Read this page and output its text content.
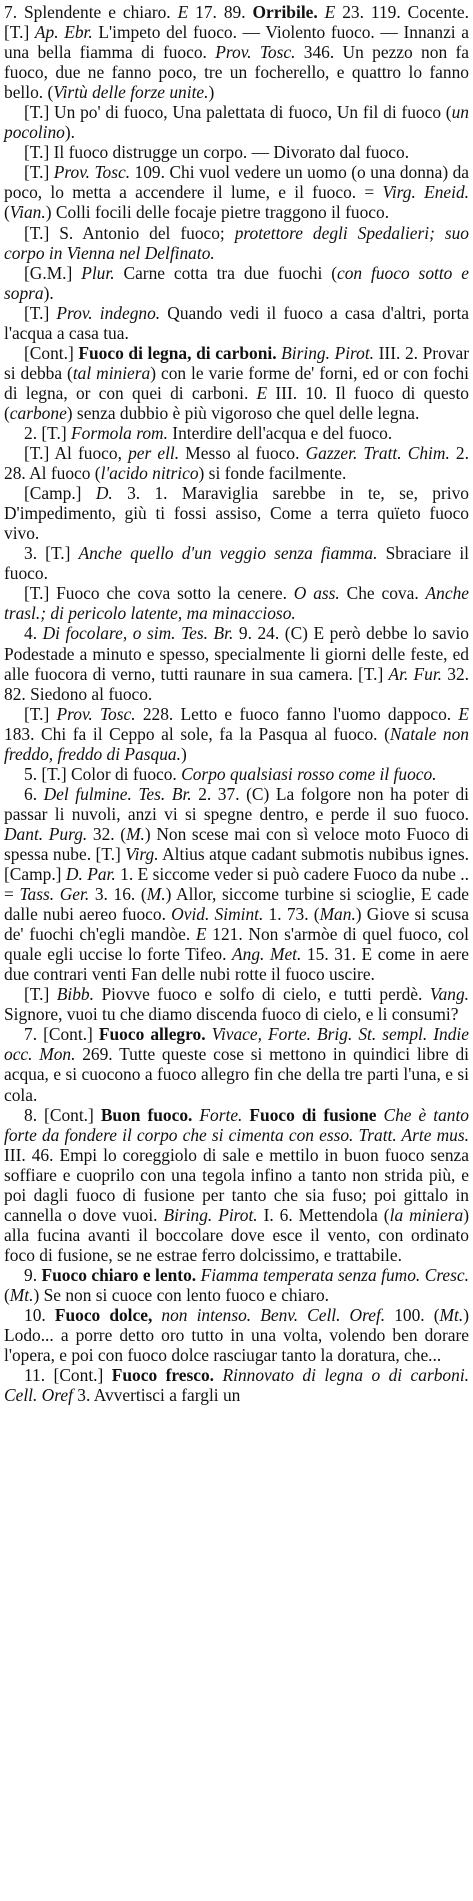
7. Splendente e chiaro. E 17. 89. Orribile. E 23. 119. Cocente. [T.] Ap. Ebr. L'impeto del fuoco. — Violento fuoco. — Innanzi a una bella fiamma di fuoco. Prov. Tosc. 346. Un pezzo non fa fuoco, due ne fanno poco, tre un focherello, e quattro lo fanno bello. (Virtù delle forze unite.)

[T.] Un po' di fuoco, Una palettata di fuoco, Un fil di fuoco (un pocolino).

[T.] Il fuoco distrugge un corpo. — Divorato dal fuoco.

[T.] Prov. Tosc. 109. Chi vuol vedere un uomo (o una donna) da poco, lo metta a accendere il lume, e il fuoco. = Virg. Eneid. (Vian.) Colli focili delle focaje pietre traggono il fuoco.

[T.] S. Antonio del fuoco; protettore degli Spedalieri; suo corpo in Vienna nel Delfinato.

[G.M.] Plur. Carne cotta tra due fuochi (con fuoco sotto e sopra).

[T.] Prov. indegno. Quando vedi il fuoco a casa d'altri, porta l'acqua a casa tua.

[Cont.] Fuoco di legna, di carboni. Biring. Pirot. III. 2. Provar si debba (tal miniera) con le varie forme de' forni, ed or con fochi di legna, or con quei di carboni. E III. 10. Il fuoco di questo (carbone) senza dubbio è più vigoroso che quel delle legna.

2. [T.] Formola rom. Interdire dell'acqua e del fuoco.

[T.] Al fuoco, per ell. Messo al fuoco. Gazzer. Tratt. Chim. 2. 28. Al fuoco (l'acido nitrico) si fonde facilmente.

[Camp.] D. 3. 1. Maraviglia sarebbe in te, se, privo D'impedimento, giù ti fossi assiso, Come a terra quïeto fuoco vivo.

3. [T.] Anche quello d'un veggio senza fiamma. Sbraciare il fuoco.

[T.] Fuoco che cova sotto la cenere. O ass. Che cova. Anche trasl.; di pericolo latente, ma minaccioso.

4. Di focolare, o sim. Tes. Br. 9. 24. (C) E però debbe lo savio Podestade a minuto e spesso, specialmente li giorni delle feste, ed alle fuocora di verno, tutti raunare in sua camera. [T.] Ar. Fur. 32. 82. Siedono al fuoco.

[T.] Prov. Tosc. 228. Letto e fuoco fanno l'uomo dappoco. E 183. Chi fa il Ceppo al sole, fa la Pasqua al fuoco. (Natale non freddo, freddo di Pasqua.)

5. [T.] Color di fuoco. Corpo qualsiasi rosso come il fuoco.

6. Del fulmine. Tes. Br. 2. 37. (C) La folgore non ha poter di passar li nuvoli, anzi vi si spegne dentro, e perde il suo fuoco. Dant. Purg. 32. (M.) Non scese mai con sì veloce moto Fuoco di spessa nube. [T.] Virg. Altius atque cadant submotis nubibus ignes. [Camp.] D. Par. 1. E siccome veder si può cadere Fuoco da nube .. = Tass. Ger. 3. 16. (M.) Allor, siccome turbine si scioglie, E cade dalle nubi aereo fuoco. Ovid. Simint. 1. 73. (Man.) Giove si scusa de' fuochi ch'egli mandòe. E 121. Non s'armòe di quel fuoco, col quale egli uccise lo forte Tifeo. Ang. Met. 15. 31. E come in aere due contrari venti Fan delle nubi rotte il fuoco uscire.

[T.] Bibb. Piovve fuoco e solfo di cielo, e tutti perdè. Vang. Signore, vuoi tu che diamo discenda fuoco di cielo, e li consumi?

7. [Cont.] Fuoco allegro. Vivace, Forte. Brig. St. sempl. Indie occ. Mon. 269. Tutte queste cose si mettono in quindici libre di acqua, e si cuocono a fuoco allegro fin che della tre parti l'una, e si cola.

8. [Cont.] Buon fuoco. Forte. Fuoco di fusione Che è tanto forte da fondere il corpo che si cimenta con esso. Tratt. Arte mus. III. 46. Empi lo coreggiolo di sale e mettilo in buon fuoco senza soffiare e cuoprilo con una tegola infino a tanto non strida più, e poi dagli fuoco di fusione per tanto che sia fuso; poi gittalo in cannella o dove vuoi. Biring. Pirot. I. 6. Mettendola (la miniera) alla fucina avanti il boccolare dove esce il vento, con ordinato foco di fusione, se ne estrae ferro dolcissimo, e trattabile.

9. Fuoco chiaro e lento. Fiamma temperata senza fumo. Cresc. (Mt.) Se non si cuoce con lento fuoco e chiaro.

10. Fuoco dolce, non intenso. Benv. Cell. Oref. 100. (Mt.) Lodo... a porre detto oro tutto in una volta, volendo ben dorare l'opera, e poi con fuoco dolce rasciugar tanto la doratura, che...

11. [Cont.] Fuoco fresco. Rinnovato di legna o di carboni. Cell. Oref 3. Avvertisci a fargli un
